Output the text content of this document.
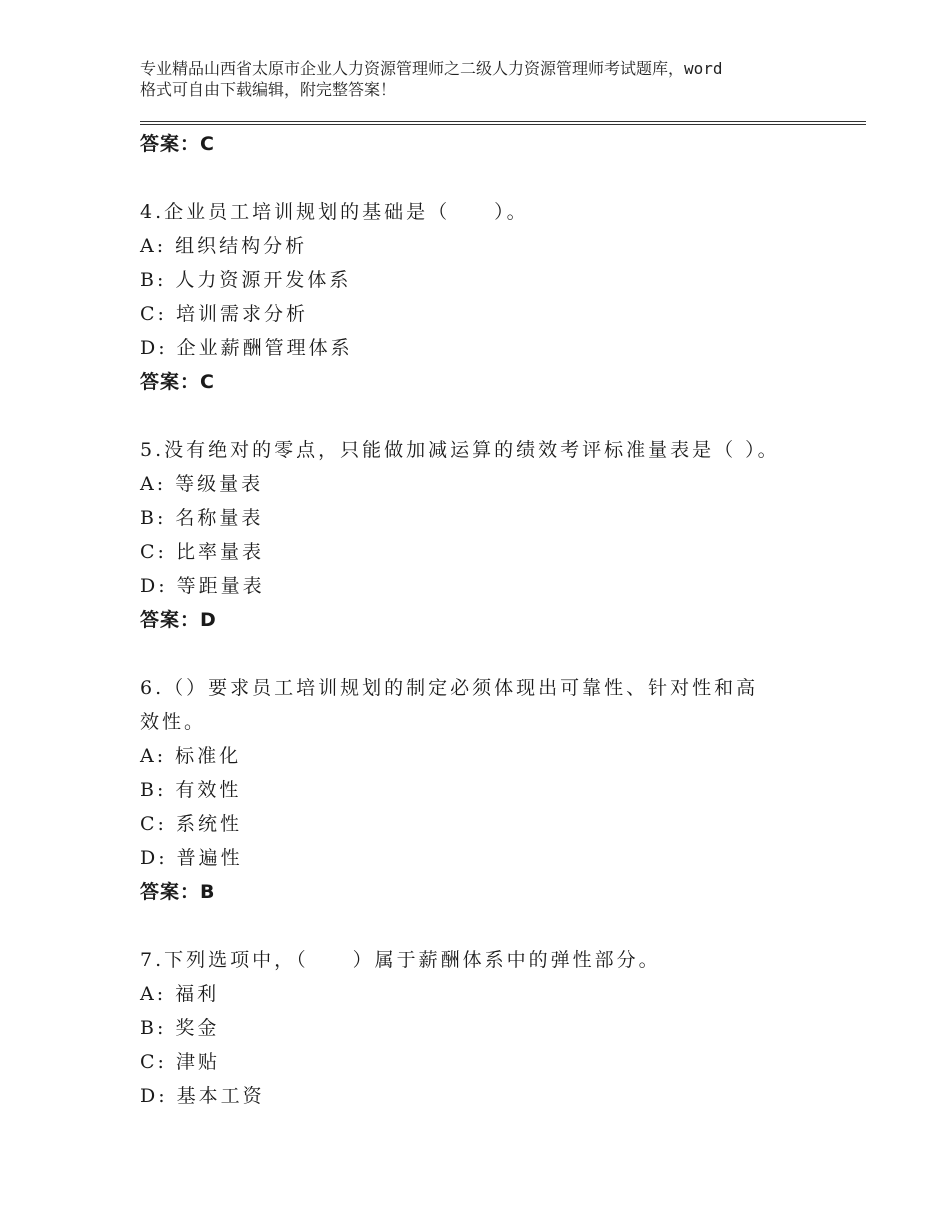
专业精品山西省太原市企业人力资源管理师之二级人力资源管理师考试题库，word
格式可自由下载编辑，附完整答案！
答案：C
4.企业员工培训规划的基础是（　　）。
A: 组织结构分析
B: 人力资源开发体系
C: 培训需求分析
D: 企业薪酬管理体系
答案：C
5.没有绝对的零点，只能做加减运算的绩效考评标准量表是（ ）。
A: 等级量表
B: 名称量表
C: 比率量表
D: 等距量表
答案：D
6.（）要求员工培训规划的制定必须体现出可靠性、针对性和高效性。
A: 标准化
B: 有效性
C: 系统性
D: 普遍性
答案：B
7.下列选项中，（　　）属于薪酬体系中的弹性部分。
A: 福利
B: 奖金
C: 津贴
D: 基本工资
